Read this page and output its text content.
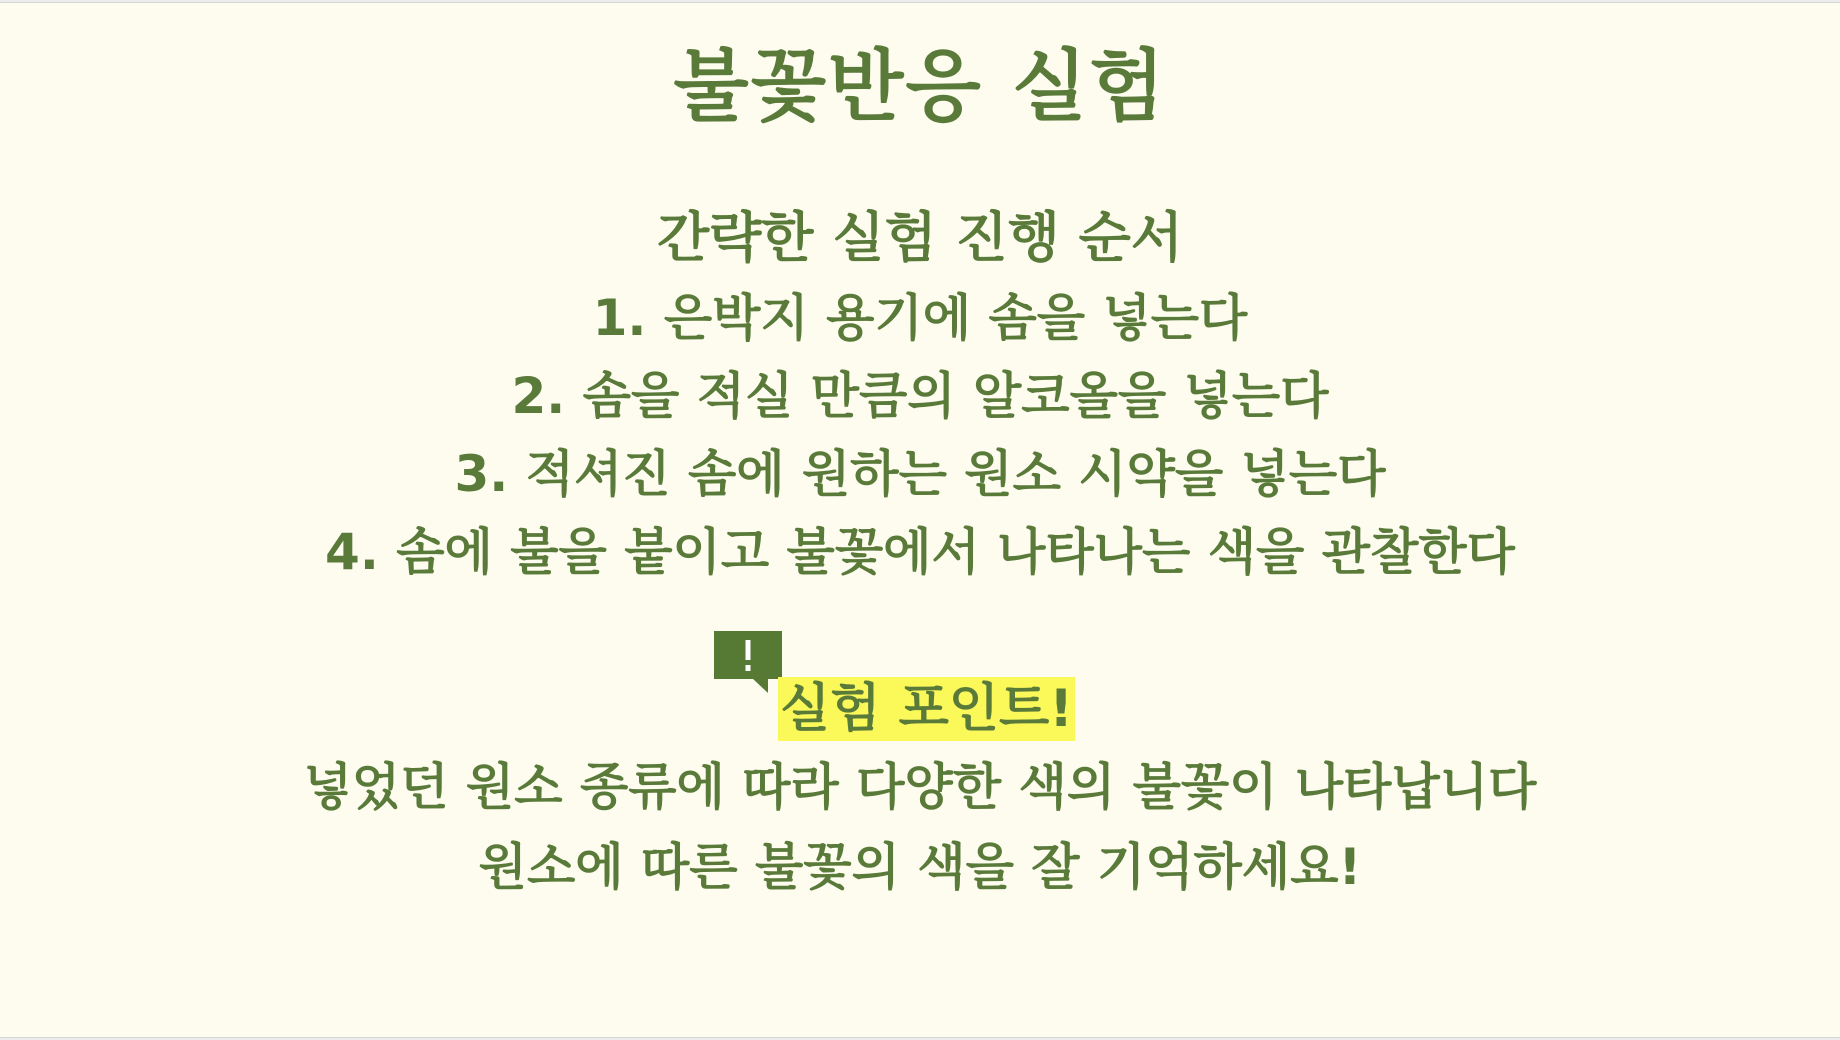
불꽃반응 실험
간략한 실험 진행 순서
1. 은박지 용기에 솜을 넣는다
2. 솜을 적실 만큼의 알코올을 넣는다
3. 적셔진 솜에 원하는 원소 시약을 넣는다
4. 솜에 불을 붙이고 불꽃에서 나타나는 색을 관찰한다
실험 포인트!
넣었던 원소 종류에 따라 다양한 색의 불꽃이 나타납니다
원소에 따른 불꽃의 색을 잘 기억하세요!
